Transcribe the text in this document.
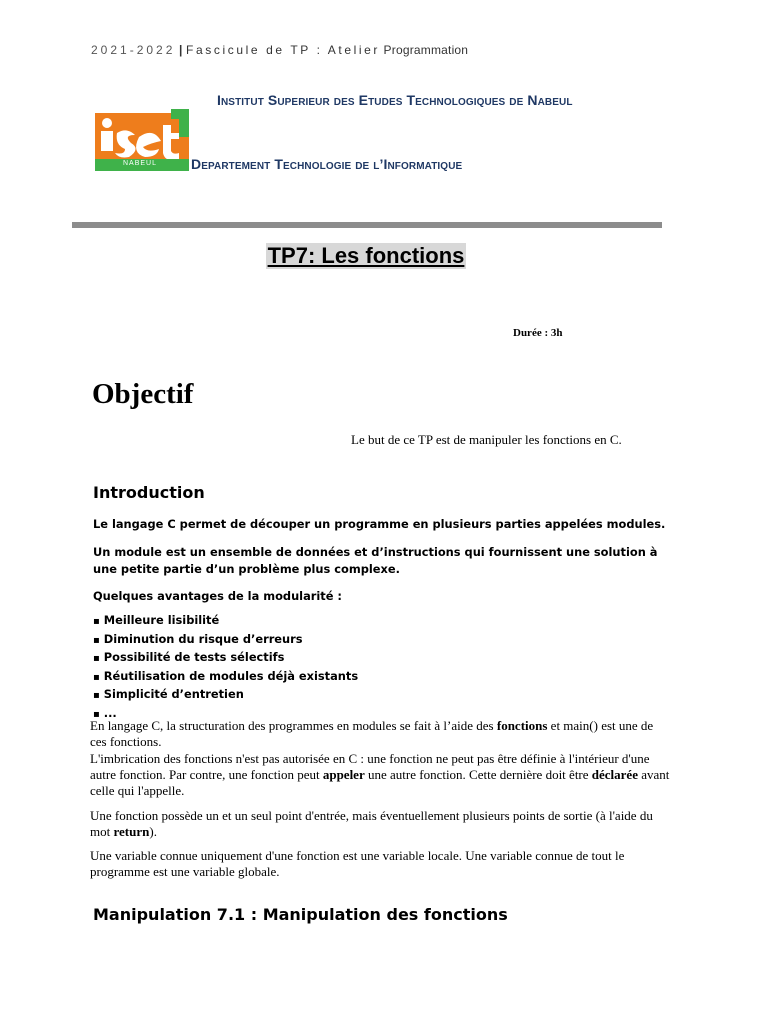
2021-2022 | Fascicule de TP : Atelier Programmation
Institut Superieur des Etudes Technologiques de Nabeul
NABEUL Departement Technologie de l’Informatique
TP7: Les fonctions
Durée : 3h
Objectif
Le but de ce TP est de manipuler les fonctions en C.
Introduction
Le langage C permet de découper un programme en plusieurs parties appelées modules.
Un module est un ensemble de données et d’instructions qui fournissent une solution à une petite partie d’un problème plus complexe.
Quelques avantages de la modularité :
▪ Meilleure lisibilité
▪ Diminution du risque d’erreurs
▪ Possibilité de tests sélectifs
▪ Réutilisation de modules déjà existants
▪ Simplicité d’entretien
▪ ...
En langage C, la structuration des programmes en modules se fait à l’aide des fonctions et main() est une de ces fonctions.
L'imbrication des fonctions n'est pas autorisée en C : une fonction ne peut pas être définie à l'intérieur d'une autre fonction. Par contre, une fonction peut appeler une autre fonction. Cette dernière doit être déclarée avant celle qui l'appelle.
Une fonction possède un et un seul point d'entrée, mais éventuellement plusieurs points de sortie (à l'aide du mot return).
Une variable connue uniquement d'une fonction est une variable locale. Une variable connue de tout le programme est une variable globale.
Manipulation 7.1 : Manipulation des fonctions
